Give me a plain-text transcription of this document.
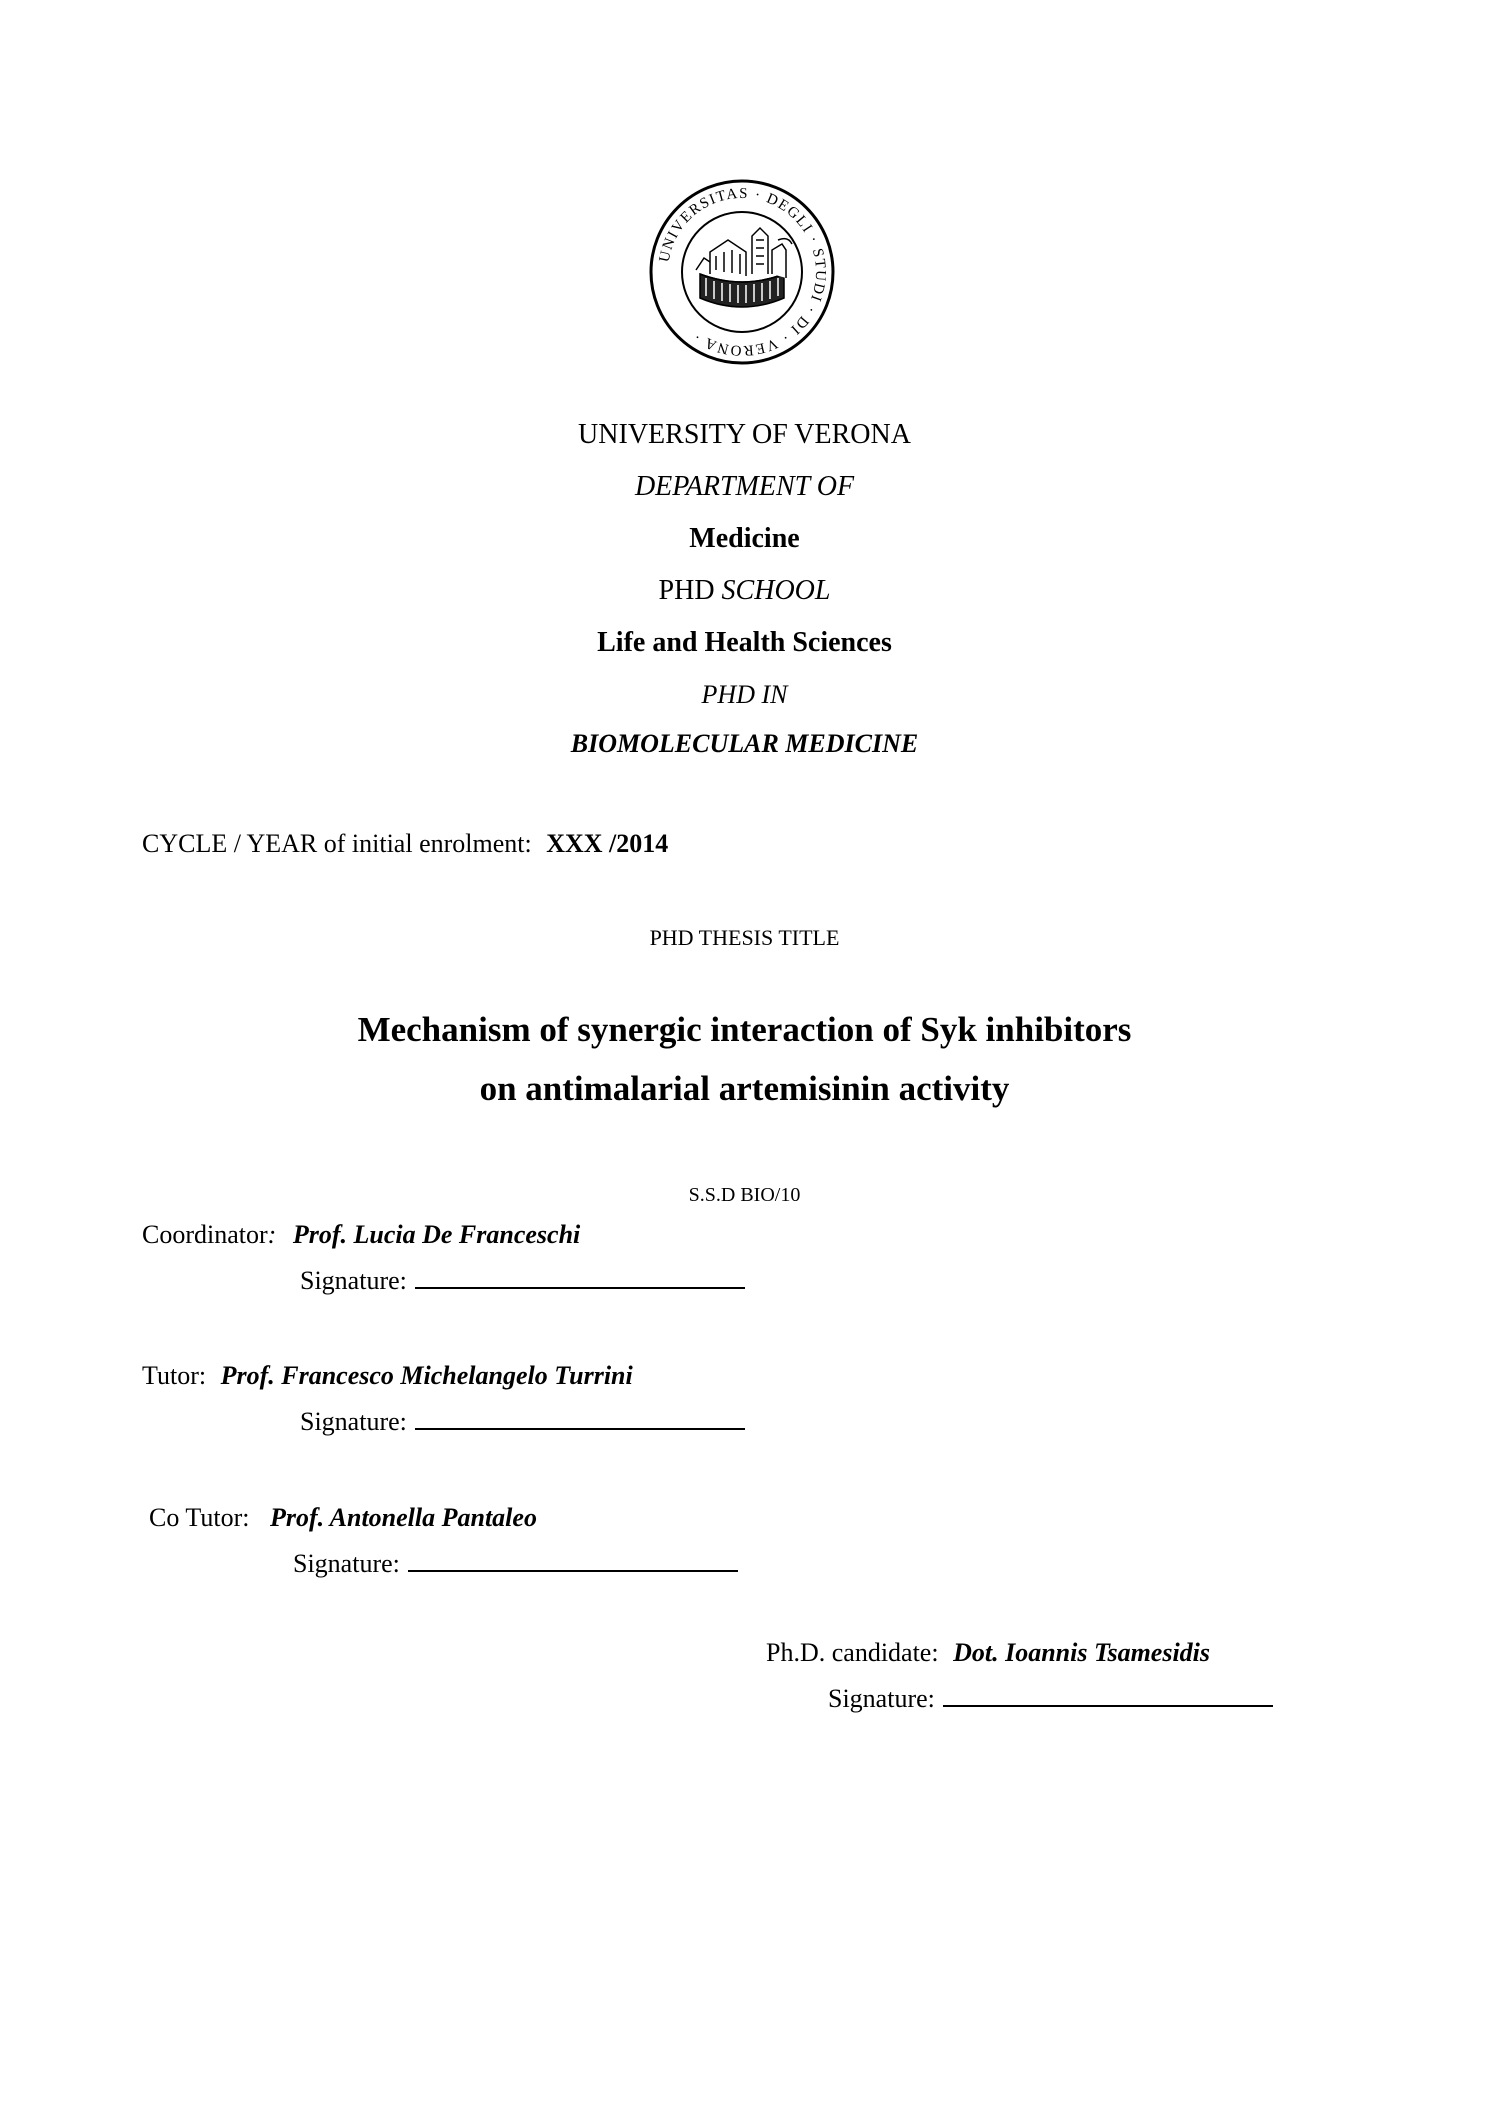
UNIVERSITAS · DEGLI · STUDI · DI · VERONA ·
UNIVERSITY OF VERONA
DEPARTMENT OF
Medicine
PHD SCHOOL
Life and Health Sciences
PHD IN
BIOMOLECULAR MEDICINE
CYCLE / YEAR of initial enrolment: XXX /2014
PHD THESIS TITLE
Mechanism of synergic interaction of Syk inhibitors
on antimalarial artemisinin activity
S.S.D BIO/10
Coordinator: Prof. Lucia De Franceschi
Signature:
Tutor: Prof. Francesco Michelangelo Turrini
Signature:
Co Tutor: Prof. Antonella Pantaleo
Signature:
Ph.D. candidate: Dot. Ioannis Tsamesidis
Signature:
